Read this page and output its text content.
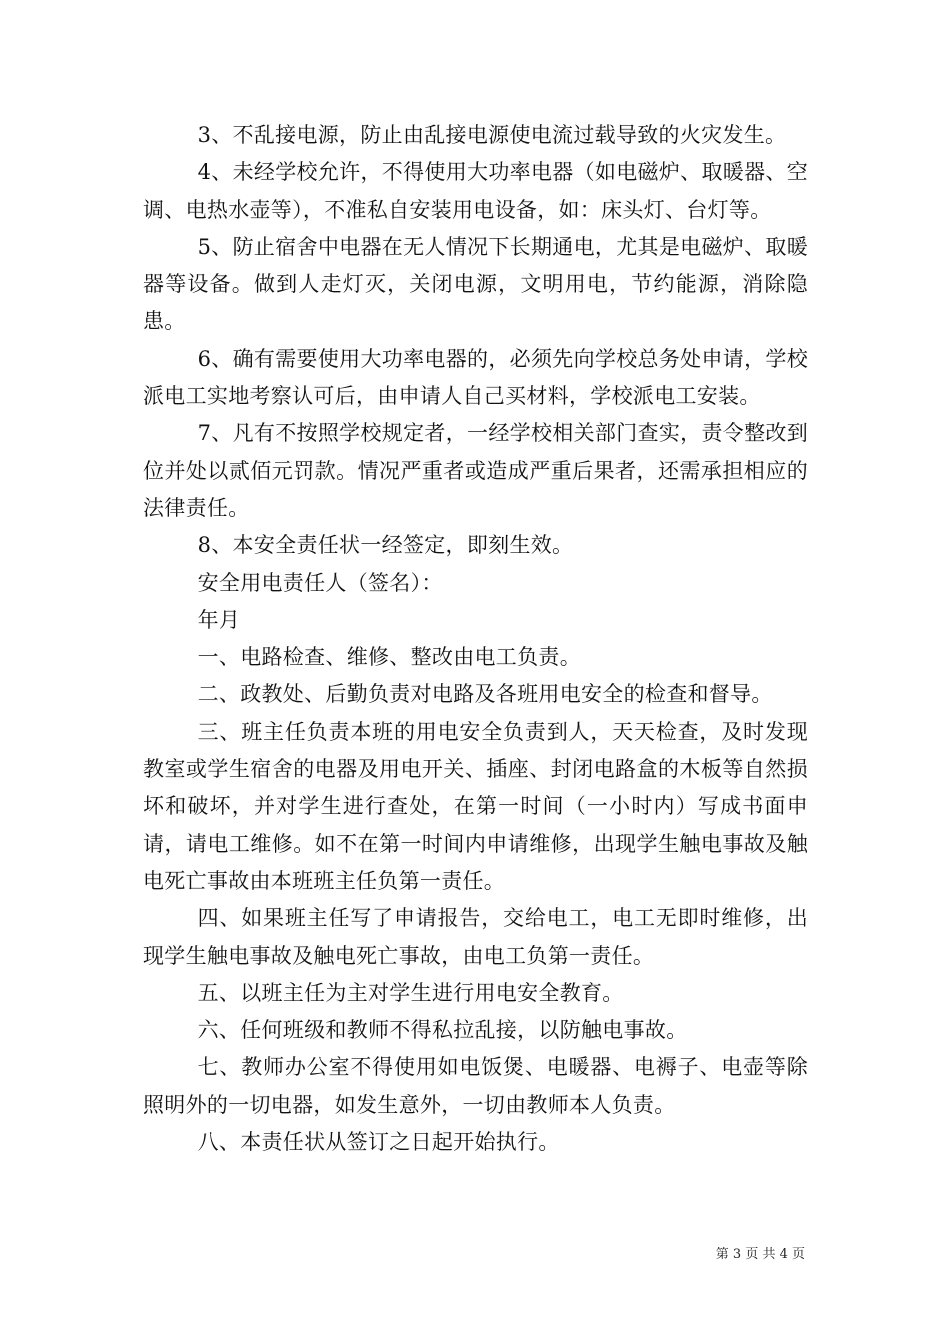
3、不乱接电源，防止由乱接电源使电流过载导致的火灾发生。

4、未经学校允许，不得使用大功率电器（如电磁炉、取暖器、空调、电热水壶等），不准私自安装用电设备，如：床头灯、台灯等。

5、防止宿舍中电器在无人情况下长期通电，尤其是电磁炉、取暖器等设备。做到人走灯灭，关闭电源，文明用电，节约能源，消除隐患。

6、确有需要使用大功率电器的，必须先向学校总务处申请，学校派电工实地考察认可后，由申请人自己买材料，学校派电工安装。

7、凡有不按照学校规定者，一经学校相关部门查实，责令整改到位并处以贰佰元罚款。情况严重者或造成严重后果者，还需承担相应的法律责任。

8、本安全责任状一经签定，即刻生效。

安全用电责任人（签名）：

年月

一、电路检查、维修、整改由电工负责。

二、政教处、后勤负责对电路及各班用电安全的检查和督导。

三、班主任负责本班的用电安全负责到人，天天检查，及时发现教室或学生宿舍的电器及用电开关、插座、封闭电路盒的木板等自然损坏和破坏，并对学生进行查处，在第一时间（一小时内）写成书面申请，请电工维修。如不在第一时间内申请维修，出现学生触电事故及触电死亡事故由本班班主任负第一责任。

四、如果班主任写了申请报告，交给电工，电工无即时维修，出现学生触电事故及触电死亡事故，由电工负第一责任。

五、以班主任为主对学生进行用电安全教育。

六、任何班级和教师不得私拉乱接，以防触电事故。

七、教师办公室不得使用如电饭煲、电暖器、电褥子、电壶等除照明外的一切电器，如发生意外，一切由教师本人负责。

八、本责任状从签订之日起开始执行。

第 3 页 共 4 页
